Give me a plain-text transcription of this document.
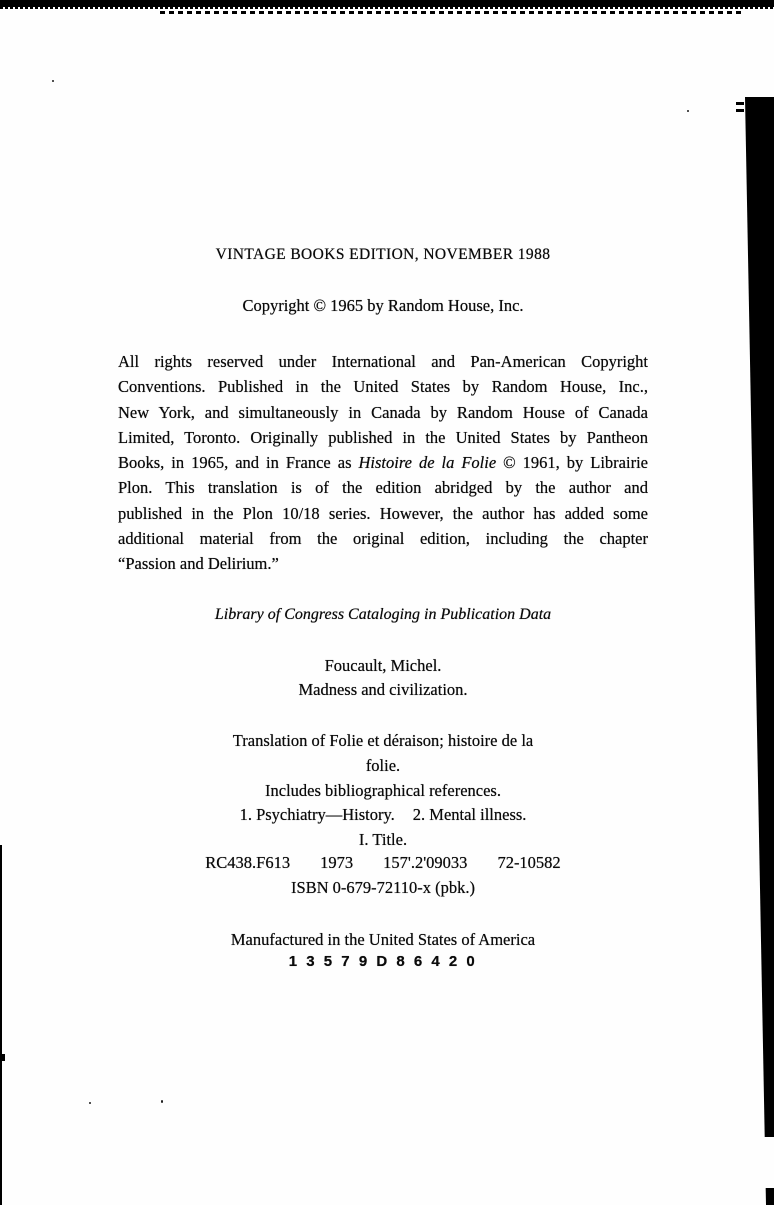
VINTAGE BOOKS EDITION, NOVEMBER 1988
Copyright © 1965 by Random House, Inc.
All rights reserved under International and Pan-American Copyright
Conventions. Published in the United States by Random House, Inc.,
New York, and simultaneously in Canada by Random House of Canada
Limited, Toronto. Originally published in the United States by Pantheon
Books, in 1965, and in France as Histoire de la Folie © 1961, by Librairie
Plon. This translation is of the edition abridged by the author and
published in the Plon 10/18 series. However, the author has added some
additional material from the original edition, including the chapter
“Passion and Delirium.”
Library of Congress Cataloging in Publication Data
Foucault, Michel.
Madness and civilization.
Translation of Folie et déraison; histoire de la
folie.
Includes bibliographical references.
1. Psychiatry—History. 2. Mental illness.
I. Title.
RC438.F613 1973 157'.2'09033 72-10582
ISBN 0-679-72110-x (pbk.)
Manufactured in the United States of America
1 3 5 7 9 D 8 6 4 2 0
